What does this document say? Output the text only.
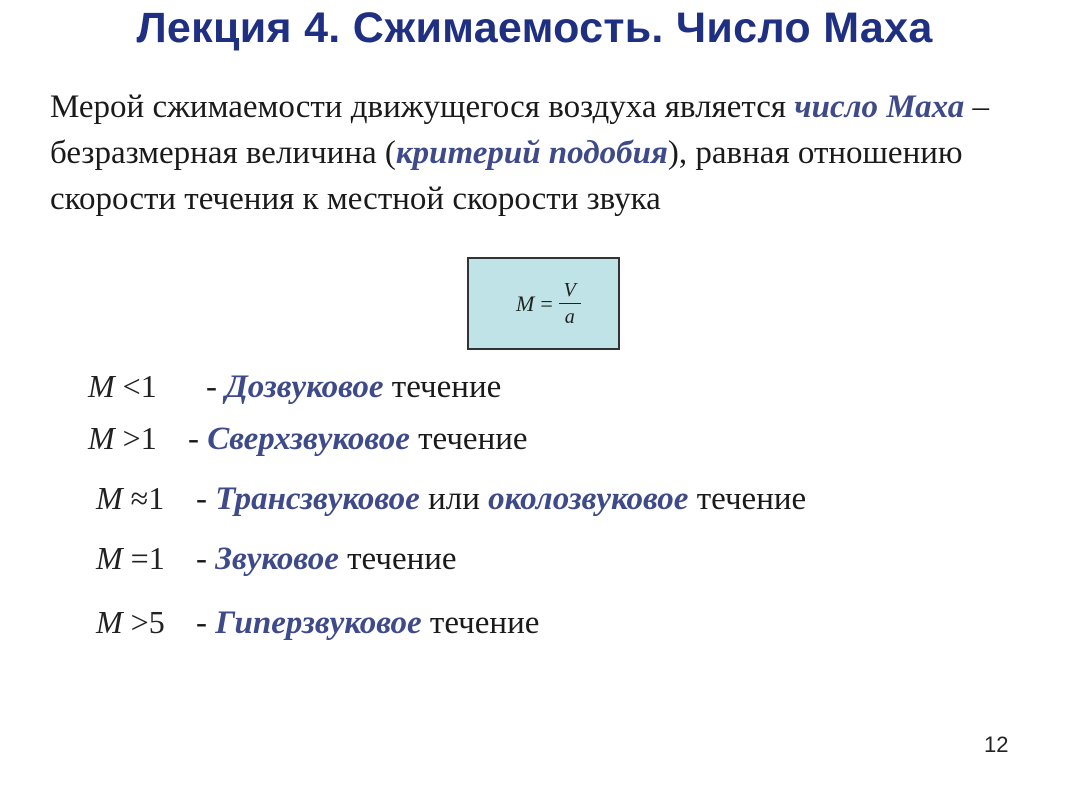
Лекция 4. Сжимаемость. Число Маха
Мерой сжимаемости движущегося воздуха является число Маха – безразмерная величина (критерий подобия), равная отношению скорости течения к местной скорости звука
$M = \frac{V}{a}$
M <1	- Дозвуковое течение
M >1 - Сверхзвуковое течение
M ≈1 - Трансзвуковое или околозвуковое течение
M =1 - Звуковое течение
M >5 - Гиперзвуковое течение
12
